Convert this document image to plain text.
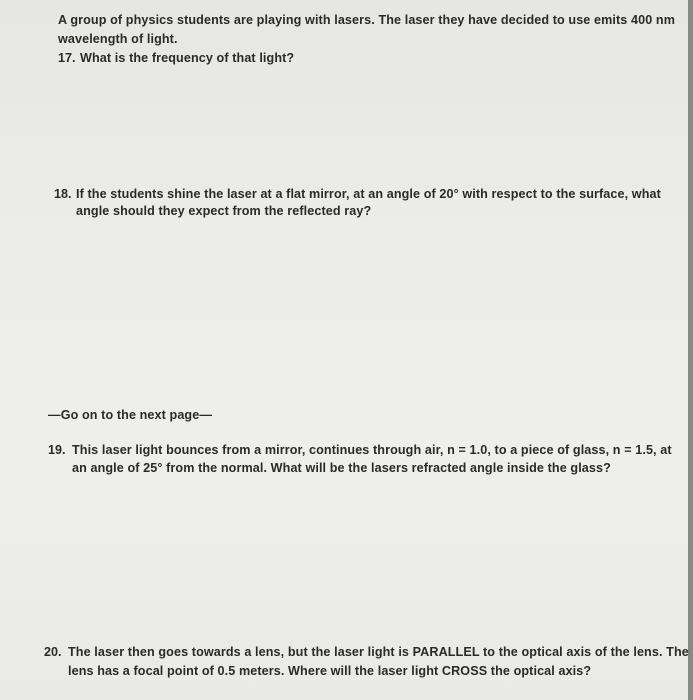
A group of physics students are playing with lasers. The laser they have decided to use emits 400 nm
wavelength of light.
17. What is the frequency of that light?
18. If the students shine the laser at a flat mirror, at an angle of 20° with respect to the surface, what
angle should they expect from the reflected ray?
—Go on to the next page—
19. This laser light bounces from a mirror, continues through air, n = 1.0, to a piece of glass, n = 1.5, at
an angle of 25° from the normal. What will be the lasers refracted angle inside the glass?
20. The laser then goes towards a lens, but the laser light is PARALLEL to the optical axis of the lens. The
lens has a focal point of 0.5 meters. Where will the laser light CROSS the optical axis?
